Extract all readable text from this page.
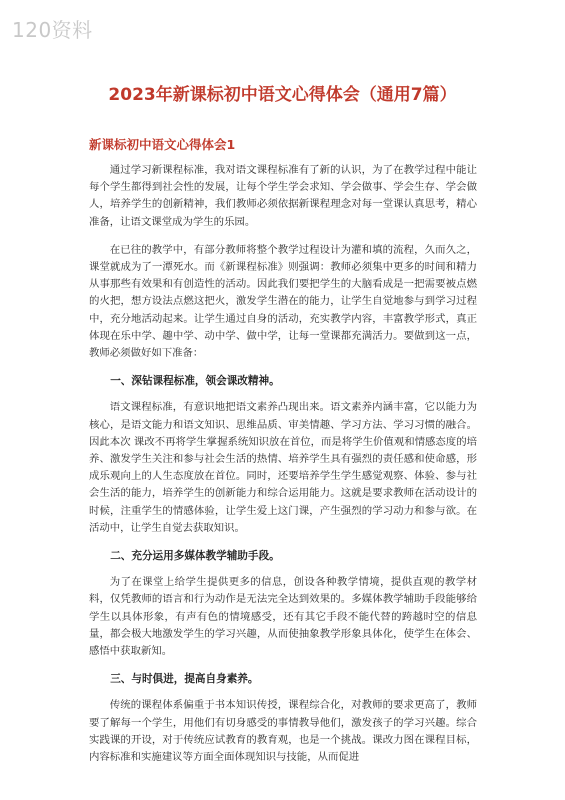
120资料
2023年新课标初中语文心得体会（通用7篇）
新课标初中语文心得体会1

通过学习新课程标准，我对语文课程标准有了新的认识，为了在教学过程中能让每个学生都得到社会性的发展，让每个学生学会求知、学会做事、学会生存、学会做人，培养学生的创新精神，我们教师必须依据新课程理念对每一堂课认真思考，精心准备，让语文课堂成为学生的乐园。

在已往的教学中，有部分教师将整个教学过程设计为灌和填的流程，久而久之，课堂就成为了一潭死水。而《新课程标准》则强调：教师必须集中更多的时间和精力从事那些有效果和有创造性的活动。因此我们要把学生的大脑看成是一把需要被点燃的火把，想方设法点燃这把火，激发学生潜在的能力，让学生自觉地参与到学习过程中，充分地活动起来。让学生通过自身的活动，充实教学内容，丰富教学形式，真正体现在乐中学、趣中学、动中学、做中学，让每一堂课都充满活力。要做到这一点，教师必须做好如下准备：

一、深钻课程标准，领会课改精神。

语文课程标准，有意识地把语文素养凸现出来。语文素养内涵丰富，它以能力为核心，是语文能力和语文知识、思维品质、审美情趣、学习方法、学习习惯的融合。因此本次 课改不再将学生掌握系统知识放在首位，而是将学生价值观和情感态度的培养、激发学生关注和参与社会生活的热情、培养学生具有强烈的责任感和使命感，形成乐观向上的人生态度放在首位。同时，还要培养学生学生感觉观察、体验、参与社会生活的能力，培养学生的创新能力和综合运用能力。这就是要求教师在活动设计的时候，注重学生的情感体验，让学生爱上这门课，产生强烈的学习动力和参与欲。在活动中，让学生自觉去获取知识。

二、充分运用多媒体教学辅助手段。

为了在课堂上给学生提供更多的信息，创设各种教学情境，提供直观的教学材料，仅凭教师的语言和行为动作是无法完全达到效果的。多媒体教学辅助手段能够给学生以具体形象，有声有色的情境感受，还有其它手段不能代替的跨越时空的信息量，都会极大地激发学生的学习兴趣，从而使抽象教学形象具体化，使学生在体会、感悟中获取新知。

三、与时俱进，提高自身素养。

传统的课程体系偏重于书本知识传授，课程综合化，对教师的要求更高了，教师要了解每一个学生，用他们有切身感受的事情教导他们，激发孩子的学习兴趣。综合实践课的开设，对于传统应试教育的教育观，也是一个挑战。课改力图在课程目标，内容标准和实施建议等方面全面体现知识与技能，从而促进
